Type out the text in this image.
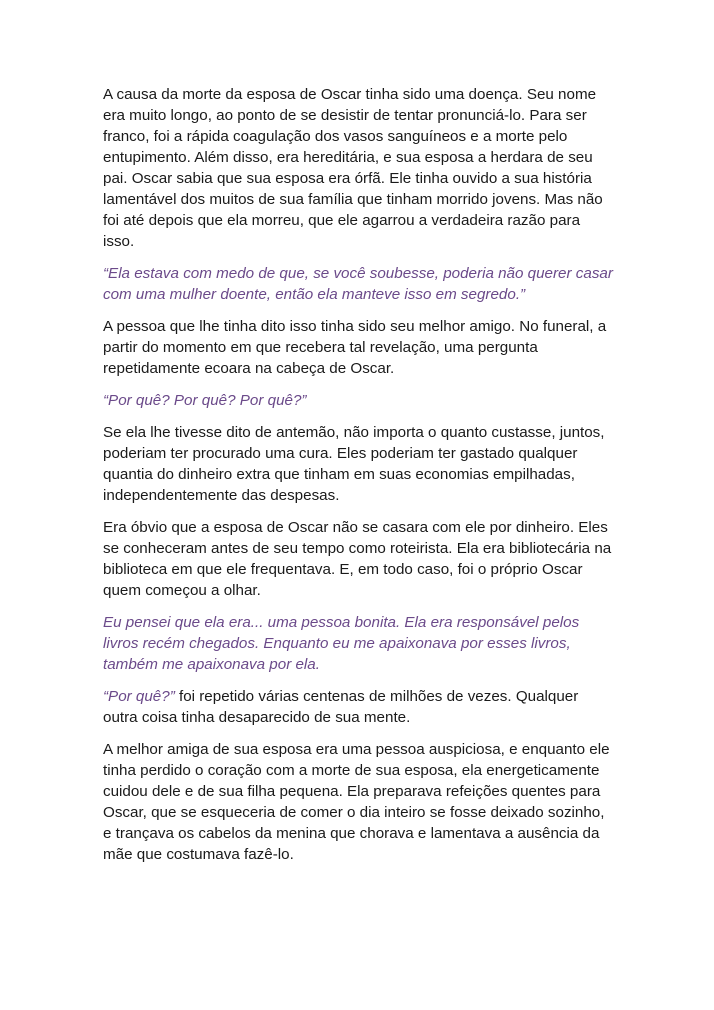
A causa da morte da esposa de Oscar tinha sido uma doença. Seu nome era muito longo, ao ponto de se desistir de tentar pronunciá-lo. Para ser franco, foi a rápida coagulação dos vasos sanguíneos e a morte pelo entupimento. Além disso, era hereditária, e sua esposa a herdara de seu pai. Oscar sabia que sua esposa era órfã. Ele tinha ouvido a sua história lamentável dos muitos de sua família que tinham morrido jovens. Mas não foi até depois que ela morreu, que ele agarrou a verdadeira razão para isso.

“Ela estava com medo de que, se você soubesse, poderia não querer casar com uma mulher doente, então ela manteve isso em segredo.”

A pessoa que lhe tinha dito isso tinha sido seu melhor amigo. No funeral, a partir do momento em que recebera tal revelação, uma pergunta repetidamente ecoara na cabeça de Oscar.

“Por quê? Por quê? Por quê?”

Se ela lhe tivesse dito de antemão, não importa o quanto custasse, juntos, poderiam ter procurado uma cura. Eles poderiam ter gastado qualquer quantia do dinheiro extra que tinham em suas economias empilhadas, independentemente das despesas.

Era óbvio que a esposa de Oscar não se casara com ele por dinheiro. Eles se conheceram antes de seu tempo como roteirista. Ela era bibliotecária na biblioteca em que ele frequentava. E, em todo caso, foi o próprio Oscar quem começou a olhar.

Eu pensei que ela era... uma pessoa bonita. Ela era responsável pelos livros recém chegados. Enquanto eu me apaixonava por esses livros, também me apaixonava por ela.

“Por quê?” foi repetido várias centenas de milhões de vezes. Qualquer outra coisa tinha desaparecido de sua mente.

A melhor amiga de sua esposa era uma pessoa auspiciosa, e enquanto ele tinha perdido o coração com a morte de sua esposa, ela energeticamente cuidou dele e de sua filha pequena. Ela preparava refeições quentes para Oscar, que se esqueceria de comer o dia inteiro se fosse deixado sozinho, e trançava os cabelos da menina que chorava e lamentava a ausência da mãe que costumava fazê-lo.
